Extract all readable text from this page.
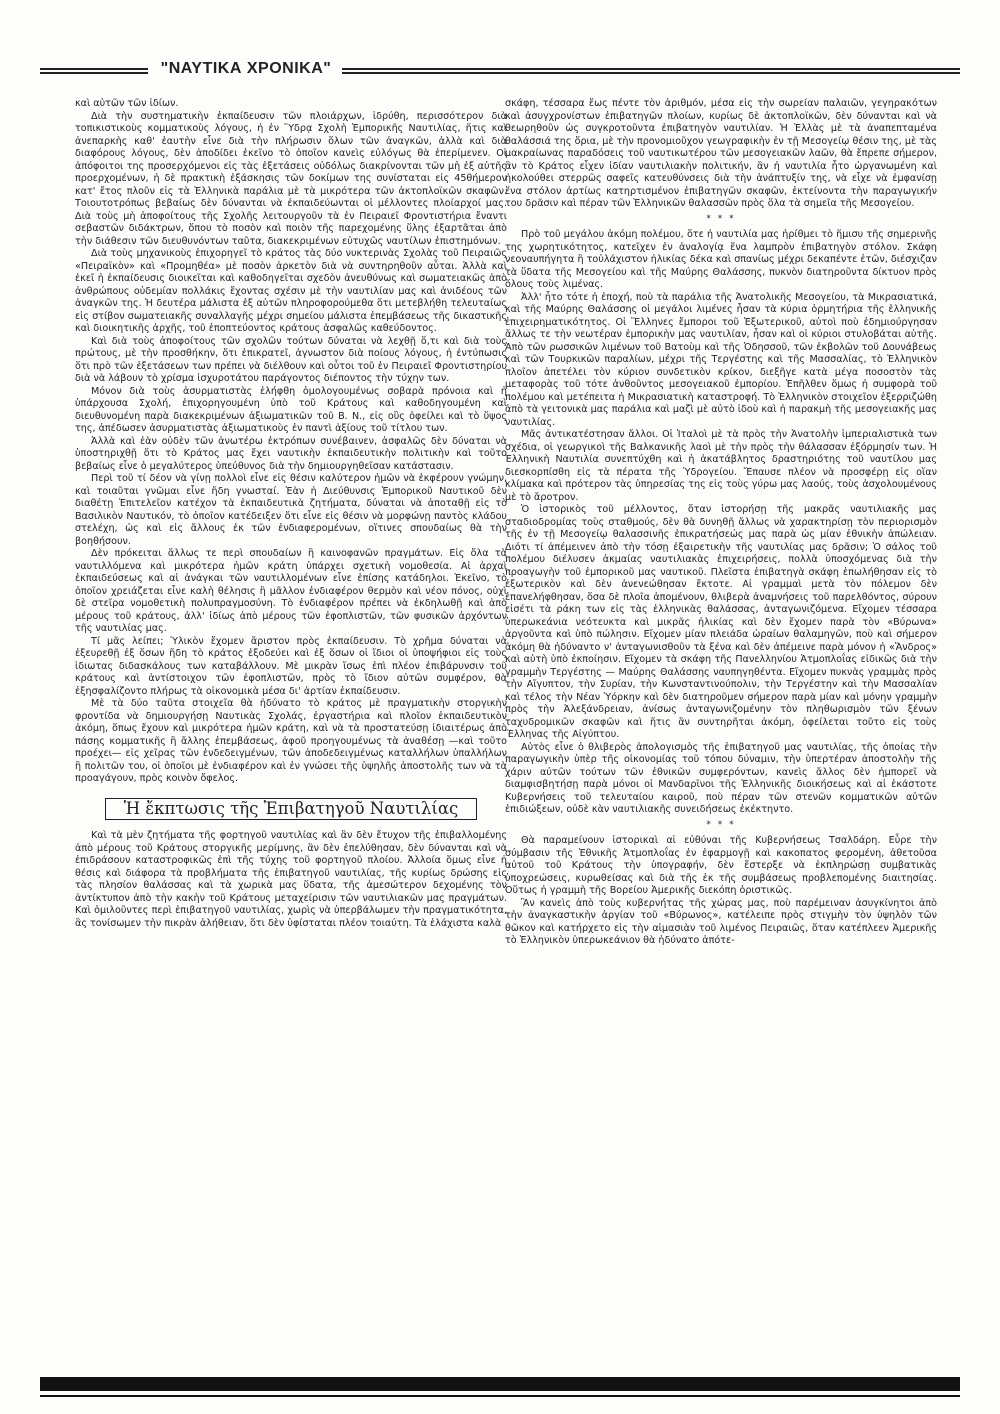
"ΝΑΥΤΙΚΑ ΧΡΟΝΙΚΑ"

καὶ αὐτῶν τῶν ἰδίων.

Διὰ τὴν συστηματικὴν ἐκπαίδευσιν τῶν πλοιάρχων, ἱδρύθη, περισσότερον διὰ τοπικιστικοὺς κομματικοὺς λόγους, ἡ ἐν Ὕδρᾳ Σχολὴ Ἐμπορικῆς Ναυτιλίας, ἥτις καὶ ἀνεπαρκὴς καθ' ἑαυτὴν εἶνε διὰ τὴν πλήρωσιν ὅλων τῶν ἀναγκῶν, ἀλλὰ καὶ διὰ διαφόρους λόγους, δὲν ἀποδίδει ἐκεῖνο τὸ ὁποῖον κανεὶς εὐλόγως θὰ ἐπερίμενεν. Οἱ ἀπόφοιτοι της προσερχόμενοι εἰς τὰς ἐξετάσεις οὐδόλως διακρίνονται τῶν μὴ ἐξ αὐτῆς προερχομένων, ἡ δὲ πρακτικὴ ἐξάσκησις τῶν δοκίμων της συνίσταται εἰς 45θήμερον κατ' ἔτος πλοῦν εἰς τὰ Ἑλληνικὰ παράλια μὲ τὰ μικρότερα τῶν ἀκτοπλοϊκῶν σκαφῶν. Τοιουτοτρόπως βεβαίως δὲν δύνανται νὰ ἐκπαιδεύωνται οἱ μέλλοντες πλοίαρχοί μας. Διὰ τοὺς μὴ ἀποφοίτους τῆς Σχολῆς λειτουργοῦν τὰ ἐν Πειραιεῖ Φροντιστήρια ἔναντι σεβαστῶν διδάκτρων, ὅπου τὸ ποσὸν καὶ ποιὸν τῆς παρεχομένης ὕλης ἐξαρτᾶται ἀπὸ τὴν διάθεσιν τῶν διευθυνόντων ταῦτα, διακεκριμένων εὐτυχῶς ναυτίλων ἐπιστημόνων.

Διὰ τοὺς μηχανικοὺς ἐπιχορηγεῖ τὸ κράτος τὰς δύο νυκτερινὰς Σχολὰς τοῦ Πειραιῶς «Πειραϊκὸν» καὶ «Προμηθέα» μὲ ποσὸν ἀρκετὸν διὰ νὰ συντηρηθοῦν αὗται. Ἀλλὰ καὶ ἐκεῖ ἡ ἐκπαίδευσις διοικεῖται καὶ καθοδηγεῖται σχεδὸν ἀνευθύνως καὶ σωματειακῶς ἀπὸ ἀνθρώπους οὐδεμίαν πολλάκις ἔχοντας σχέσιν μὲ τὴν ναυτιλίαν μας καὶ ἀνιδέους τῶν ἀναγκῶν της. Ἡ δευτέρα μάλιστα ἐξ αὐτῶν πληροφορούμεθα ὅτι μετεβλήθη τελευταίως εἰς στίβον σωματειακῆς συναλλαγῆς μέχρι σημείου μάλιστα ἐπεμβάσεως τῆς δικαστικῆς καὶ διοικητικῆς ἀρχῆς, τοῦ ἐποπτεύοντος κράτους ἀσφαλῶς καθεύδοντος.

Καὶ διὰ τοὺς ἀποφοίτους τῶν σχολῶν τούτων δύναται νὰ λεχθῇ ὅ,τι καὶ διὰ τοὺς πρώτους, μὲ τὴν προσθήκην, ὅτι ἐπικρατεῖ, ἀγνωστον διὰ ποίους λόγους, ἡ ἐντύπωσις ὅτι πρὸ τῶν ἐξετάσεων των πρέπει νὰ διέλθουν καὶ οὗτοι τοῦ ἐν Πειραιεῖ Φροντιστηρίου διὰ νὰ λάβουν τὸ χρίσμα ἰσχυροτάτου παράγοντος διέποντος τὴν τύχην των.

Μόνον διὰ τοὺς ἀσυρματιστὰς ἐλήφθη ὁμολογουμένως σοβαρὰ πρόνοια καὶ ἡ ὑπάρχουσα Σχολή, ἐπιχορηγουμένη ὑπὸ τοῦ Κράτους καὶ καθοδηγουμένη καὶ διευθυνομένη παρὰ διακεκριμένων ἀξιωματικῶν τοῦ Β. Ν., εἰς οὓς ὀφείλει καὶ τὸ ὕψος της, ἀπέδωσεν ἀσυρματιστὰς ἀξιωματικοὺς ἐν παντὶ ἀξίους τοῦ τίτλου των.

Ἀλλὰ καὶ ἐὰν οὐδὲν τῶν ἀνωτέρω ἐκτρόπων συνέβαινεν, ἀσφαλῶς δὲν δύναται νὰ ὑποστηριχθῇ ὅτι τὸ Κράτος μας ἔχει ναυτικὴν ἐκπαιδευτικὴν πολιτικὴν καὶ τοῦτο βεβαίως εἶνε ὁ μεγαλύτερος ὑπεύθυνος διὰ τὴν δημιουργηθεῖσαν κατάστασιν.

Περὶ τοῦ τί δέον νὰ γίνῃ πολλοὶ εἶνε εἰς θέσιν καλύτερον ἡμῶν νὰ ἐκφέρουν γνώμην, καὶ τοιαῦται γνῶμαι εἶνε ἤδη γνωσταί. Ἐὰν ἡ Διεύθυνσις Ἐμπορικοῦ Ναυτικοῦ δὲν διαθέτῃ Ἐπιτελεῖον κατέχον τὰ ἐκπαιδευτικὰ ζητήματα, δύναται νὰ ἀποταθῇ εἰς τὸ Βασιλικὸν Ναυτικόν, τὸ ὁποῖον κατέδειξεν ὅτι εἶνε εἰς θέσιν νὰ μορφώνῃ παντὸς κλάδου στελέχη, ὡς καὶ εἰς ἄλλους ἐκ τῶν ἐνδιαφερομένων, οἵτινες σπουδαίως θὰ τὴν βοηθήσουν.

Δὲν πρόκειται ἄλλως τε περὶ σπουδαίων ἢ καινοφανῶν πραγμάτων. Εἰς ὅλα τὰ ναυτιλλόμενα καὶ μικρότερα ἡμῶν κράτη ὑπάρχει σχετικὴ νομοθεσία. Αἱ ἀρχαὶ ἐκπαιδεύσεως καὶ αἱ ἀνάγκαι τῶν ναυτιλλομένων εἶνε ἐπίσης κατάδηλοι. Ἐκεῖνο, τὸ ὁποῖον χρειάζεται εἶνε καλὴ θέλησις ἢ μᾶλλον ἐνδιαφέρον θερμὸν καὶ νέον πόνος, οὐχὶ δὲ στεῖρα νομοθετικὴ πολυπραγμοσύνη. Τὸ ἐνδιαφέρον πρέπει νὰ ἐκδηλωθῇ καὶ ἀπὸ μέρους τοῦ κράτους, ἀλλ' ἰδίως ἀπὸ μέρους τῶν ἐφοπλιστῶν, τῶν φυσικῶν ἀρχόντων τῆς ναυτιλίας μας.

Τί μᾶς λείπει; Ὑλικὸν ἔχομεν ἄριστον πρὸς ἐκπαίδευσιν. Τὸ χρῆμα δύναται νὰ ἐξευρεθῇ ἐξ ὅσων ἤδη τὸ κράτος ἐξοδεύει καὶ ἐξ ὅσων οἱ ἴδιοι οἱ ὑποψήφιοι εἰς τοὺς ἰδιωτας διδασκάλους των καταβάλλουν. Μὲ μικρὰν ἴσως ἐπὶ πλέον ἐπιβάρυνσιν τοῦ κράτους καὶ ἀντίστοιχον τῶν ἐφοπλιστῶν, πρὸς τὸ ἴδιον αὐτῶν συμφέρον, θὰ ἐξησφαλίζοντο πλήρως τὰ οἰκονομικὰ μέσα δι' ἀρτίαν ἐκπαίδευσιν.

Μὲ τὰ δύο ταῦτα στοιχεῖα θὰ ἠδύνατο τὸ κράτος μὲ πραγματικὴν στοργικὴν φροντίδα νὰ δημιουργήσῃ Ναυτικὰς Σχολάς, ἐργαστήρια καὶ πλοῖον ἐκπαιδευτικὸν ἀκόμη, ὅπως ἔχουν καὶ μικρότερα ἡμῶν κράτη, καὶ νὰ τὰ προστατεύσῃ ἰδιαιτέρως ἀπὸ πάσης κομματικῆς ἢ ἄλλης ἐπεμβάσεως, ἀφοῦ προηγουμένως τὰ ἀναθέσῃ —καὶ τοῦτο προέχει— εἰς χεῖρας τῶν ἐνδεδειγμένων, τῶν ἀποδεδειγμένως καταλλήλων ὑπαλλήλων ἢ πολιτῶν του, οἱ ὁποῖοι μὲ ἐνδιαφέρον καὶ ἐν γνώσει τῆς ὑψηλῆς ἀποστολῆς των νὰ τὰ προαγάγουν, πρὸς κοινὸν ὄφελος.

Ἡ ἔκπτωσις τῆς Ἐπιβατηγοῦ Ναυτιλίας

Καὶ τὰ μὲν ζητήματα τῆς φορτηγοῦ ναυτιλίας καὶ ἂν δὲν ἔτυχον τῆς ἐπιβαλλομένης ἀπὸ μέρους τοῦ Κράτους στοργικῆς μερίμνης, ἂν δὲν ἐπελύθησαν, δὲν δύνανται καὶ νὰ ἐπιδράσουν καταστροφικῶς ἐπὶ τῆς τύχης τοῦ φορτηγοῦ πλοίου. Ἀλλοία ὅμως εἶνε ἡ θέσις καὶ διάφορα τὰ προβλήματα τῆς ἐπιβατηγοῦ ναυτιλίας, τῆς κυρίως δρώσης εἰς τὰς πλησίον θαλάσσας καὶ τὰ χωρικὰ μας ὕδατα, τῆς ἀμεσώτερον δεχομένης τὸν ἀντίκτυπον ἀπὸ τὴν κακὴν τοῦ Κράτους μεταχείρισιν τῶν ναυτιλιακῶν μας πραγμάτων. Καὶ ὁμιλοῦντες περὶ ἐπιβατηγοῦ ναυτιλίας, χωρὶς νὰ ὑπερβάλωμεν τὴν πραγματικότητα, ἂς τονίσωμεν τὴν πικρὰν ἀλήθειαν, ὅτι δὲν ὑφίσταται πλέον τοιαύτη. Τὰ ἐλάχιστα καλὰ

σκάφη, τέσσαρα ἕως πέντε τὸν ἀριθμόν, μέσα εἰς τὴν σωρείαν παλαιῶν, γεγηρακότων καὶ ἀσυγχρονίστων ἐπιβατηγῶν πλοίων, κυρίως δὲ ἀκτοπλοϊκῶν, δὲν δύνανται καὶ νὰ θεωρηθοῦν ὡς συγκροτοῦντα ἐπιβατηγὸν ναυτιλίαν. Ἡ Ἑλλὰς μὲ τὰ ἀναπεπταμένα θαλάσσιά της ὅρια, μὲ τὴν προνομιοῦχον γεωγραφικὴν ἐν τῇ Μεσογείῳ θέσιν της, μὲ τὰς μακραίωνας παραδόσεις τοῦ ναυτικωτέρου τῶν μεσογειακῶν λαῶν, θὰ ἔπρεπε σήμερον, ἂν τὸ Κράτος εἶχεν ἰδίαν ναυτιλιακὴν πολιτικήν, ἂν ἡ ναυτιλία ἦτο ὡργανωμένη καὶ ἠκολούθει στερρῶς σαφεῖς κατευθύνσεις διὰ τὴν ἀνάπτυξίν της, νὰ εἶχε νὰ ἐμφανίσῃ ἕνα στόλον ἀρτίως κατηρτισμένον ἐπιβατηγῶν σκαφῶν, ἐκτείνοντα τὴν παραγωγικήν του δρᾶσιν καὶ πέραν τῶν Ἑλληνικῶν θαλασσῶν πρὸς ὅλα τὰ σημεῖα τῆς Μεσογείου.

* * *

Πρὸ τοῦ μεγάλου ἀκόμη πολέμου, ὅτε ἡ ναυτιλία μας ἠρίθμει τὸ ἥμισυ τῆς σημερινῆς της χωρητικότητος, κατεῖχεν ἐν ἀναλογίᾳ ἕνα λαμπρὸν ἐπιβατηγὸν στόλον. Σκάφη νεοναυπήγητα ἢ τοὐλάχιστον ἡλικίας δέκα καὶ σπανίως μέχρι δεκαπέντε ἐτῶν, διέσχιζαν τὰ ὕδατα τῆς Μεσογείου καὶ τῆς Μαύρης Θαλάσσης, πυκνὸν διατηροῦντα δίκτυον πρὸς ὅλους τοὺς λιμένας.

Ἀλλ' ἦτο τότε ἡ ἐποχή, ποὺ τὰ παράλια τῆς Ἀνατολικῆς Μεσογείου, τὰ Μικρασιατικά, καὶ τῆς Μαύρης Θαλάσσης οἱ μεγάλοι λιμένες ἦσαν τὰ κύρια ὁρμητήρια τῆς ἑλληνικῆς ἐπιχειρηματικότητος. Οἱ Ἕλληνες ἔμποροι τοῦ Ἐξωτερικοῦ, αὐτοὶ ποὺ ἐδημιούργησαν ἄλλως τε τὴν νεωτέραν ἐμπορικὴν μας ναυτιλίαν, ἦσαν καὶ οἱ κύριοι στυλοβάται αὐτῆς. Ἀπὸ τῶν ρωσσικῶν λιμένων τοῦ Βατοὺμ καὶ τῆς Ὀδησσοῦ, τῶν ἐκβολῶν τοῦ Δουνάβεως καὶ τῶν Τουρκικῶν παραλίων, μέχρι τῆς Τεργέστης καὶ τῆς Μασσαλίας, τὸ Ἑλληνικὸν πλοῖον ἀπετέλει τὸν κύριον συνδετικὸν κρίκον, διεξῆγε κατὰ μέγα ποσοστὸν τὰς μεταφορὰς τοῦ τότε ἀνθοῦντος μεσογειακοῦ ἐμπορίου. Ἐπῆλθεν ὅμως ἡ συμφορὰ τοῦ πολέμου καὶ μετέπειτα ἡ Μικρασιατικὴ καταστροφή. Τὸ Ἑλληνικὸν στοιχεῖον ἐξερριζώθη ἀπὸ τὰ γειτονικὰ μας παράλια καὶ μαζὶ μὲ αὐτὸ ἰδοὺ καὶ ἡ παρακμὴ τῆς μεσογειακῆς μας ναυτιλίας.

Μᾶς ἀντικατέστησαν ἄλλοι. Οἱ Ἰταλοὶ μὲ τὰ πρὸς τὴν Ἀνατολὴν ἰμπεριαλιστικὰ των σχέδια, οἱ γεωργικοὶ τῆς Βαλκανικῆς λαοὶ μὲ τὴν πρὸς τὴν θάλασσαν ἐξόρμησίν των. Ἡ Ἑλληνικὴ Ναυτιλία συνεπτύχθη καὶ ἡ ἀκατάβλητος δραστηριότης τοῦ ναυτίλου μας διεσκορπίσθη εἰς τὰ πέρατα τῆς Ὑδρογείου. Ἔπαυσε πλέον νὰ προσφέρῃ εἰς οἵαν κλίμακα καὶ πρότερον τὰς ὑπηρεσίας της εἰς τοὺς γύρω μας λαούς, τοὺς ἀσχολουμένους μὲ τὸ ἄροτρον.

Ὁ ἱστορικὸς τοῦ μέλλοντος, ὅταν ἱστορήσῃ τῆς μακρᾶς ναυτιλιακῆς μας σταδιοδρομίας τοὺς σταθμούς, δὲν θὰ δυνηθῇ ἄλλως νὰ χαρακτηρίσῃ τὸν περιορισμὸν τῆς ἐν τῇ Μεσογείῳ θαλασσινῆς ἐπικρατήσεώς μας παρὰ ὡς μίαν ἐθνικὴν ἀπώλειαν. Διότι τί ἀπέμεινεν ἀπὸ τὴν τόσῃ ἐξαιρετικὴν τῆς ναυτιλίας μας δρᾶσιν; Ὁ σάλος τοῦ πολέμου διέλυσεν ἀκμαίας ναυτιλιακὰς ἐπιχειρήσεις, πολλὰ ὑποσχόμενας διὰ τὴν προαγωγὴν τοῦ ἐμπορικοῦ μας ναυτικοῦ. Πλεῖστα ἐπιβατηγὰ σκάφη ἐπωλήθησαν εἰς τὸ ἐξωτερικὸν καὶ δὲν ἀνενεώθησαν ἔκτοτε. Αἱ γραμμαὶ μετὰ τὸν πόλεμον δὲν ἐπανελήφθησαν, ὅσα δὲ πλοῖα ἀπομένουν, θλιβερὰ ἀναμνήσεις τοῦ παρελθόντος, σύρουν εἰσέτι τὰ ράκη των εἰς τὰς ἑλληνικὰς θαλάσσας, ἀνταγωνιζόμενα. Εἴχομεν τέσσαρα ὑπερωκεάνια νεότευκτα καὶ μικρᾶς ἡλικίας καὶ δὲν ἔχομεν παρὰ τὸν «Βύρωνα» ἀργοῦντα καὶ ὑπὸ πώλησιν. Εἴχομεν μίαν πλειάδα ὡραίων θαλαμηγῶν, ποὺ καὶ σήμερον ἀκόμη θὰ ἠδύναντο ν' ἀνταγωνισθοῦν τὰ ξένα καὶ δὲν ἀπέμεινε παρὰ μόνον ἡ «Ἄνδρος» καὶ αὐτὴ ὑπὸ ἐκποίησιν. Εἴχομεν τὰ σκάφη τῆς Πανελληνίου Ἀτμοπλοΐας εἰδικῶς διὰ τὴν γραμμὴν Τεργέστης — Μαύρης Θαλάσσης ναυπηγηθέντα. Εἴχομεν πυκνὰς γραμμὰς πρὸς τὴν Αἴγυπτον, τὴν Συρίαν, τὴν Κωνσταντινούπολιν, τὴν Τεργέστην καὶ τὴν Μασσαλίαν καὶ τέλος τὴν Νέαν Ὑόρκην καὶ δὲν διατηροῦμεν σήμερον παρὰ μίαν καὶ μόνην γραμμὴν πρὸς τὴν Ἀλεξάνδρειαν, ἀνίσως ἀνταγωνιζομένην τὸν πληθωρισμὸν τῶν ξένων ταχυδρομικῶν σκαφῶν καὶ ἥτις ἂν συντηρῆται ἀκόμη, ὀφείλεται τοῦτο εἰς τοὺς Ἕλληνας τῆς Αἰγύπτου.

Αὐτὸς εἶνε ὁ θλιβερὸς ἀπολογισμὸς τῆς ἐπιβατηγοῦ μας ναυτιλίας, τῆς ὁποίας τὴν παραγωγικὴν ὑπὲρ τῆς οἰκονομίας τοῦ τόπου δύναμιν, τὴν ὑπερτέραν ἀποστολὴν τῆς χάριν αὐτῶν τούτων τῶν ἐθνικῶν συμφερόντων, κανεὶς ἄλλος δὲν ἠμπορεῖ νὰ διαμφισβητήσῃ παρὰ μόνοι οἱ Μανδαρῖνοι τῆς Ἑλληνικῆς διοικήσεως καὶ αἱ ἑκάστοτε Κυβερνήσεις τοῦ τελευταίου καιροῦ, ποὺ πέραν τῶν στενῶν κομματικῶν αὐτῶν ἐπιδιώξεων, οὐδὲ κὰν ναυτιλιακῆς συνειδήσεως ἐκέκτηντο.

* * *

Θὰ παραμείνουν ἱστορικαὶ αἱ εὐθύναι τῆς Κυβερνήσεως Τσαλδάρη. Εὗρε τὴν σύμβασιν τῆς Ἐθνικῆς Ἀτμοπλοΐας ἐν ἐφαρμογῇ καὶ κακοπατος φερομένη, ἀθετοῦσα αὐτοῦ τοῦ Κράτους τὴν ὑπογραφήν, δὲν ἔστερξε νὰ ἐκπληρώσῃ συμβατικὰς ὑποχρεώσεις, κυρωθείσας καὶ διὰ τῆς ἐκ τῆς συμβάσεως προβλεπομένης διαιτησίας. Οὕτως ἡ γραμμὴ τῆς Βορείου Ἀμερικῆς διεκόπη ὁριστικῶς.

Ἂν κανεὶς ἀπὸ τοὺς κυβερνήτας τῆς χώρας μας, ποὺ παρέμειναν ἀσυγκίνητοι ἀπὸ τὴν ἀναγκαστικὴν ἀργίαν τοῦ «Βύρωνος», κατέλειπε πρὸς στιγμὴν τὸν ὑψηλὸν τῶν θῶκον καὶ κατήρχετο εἰς τὴν αἰμασιὰν τοῦ λιμένος Πειραιῶς, ὅταν κατέπλεεν Ἀμερικῆς τὸ Ἑλληνικὸν ὑπερωκεάνιον θὰ ἠδύνατο ἀπότε-
